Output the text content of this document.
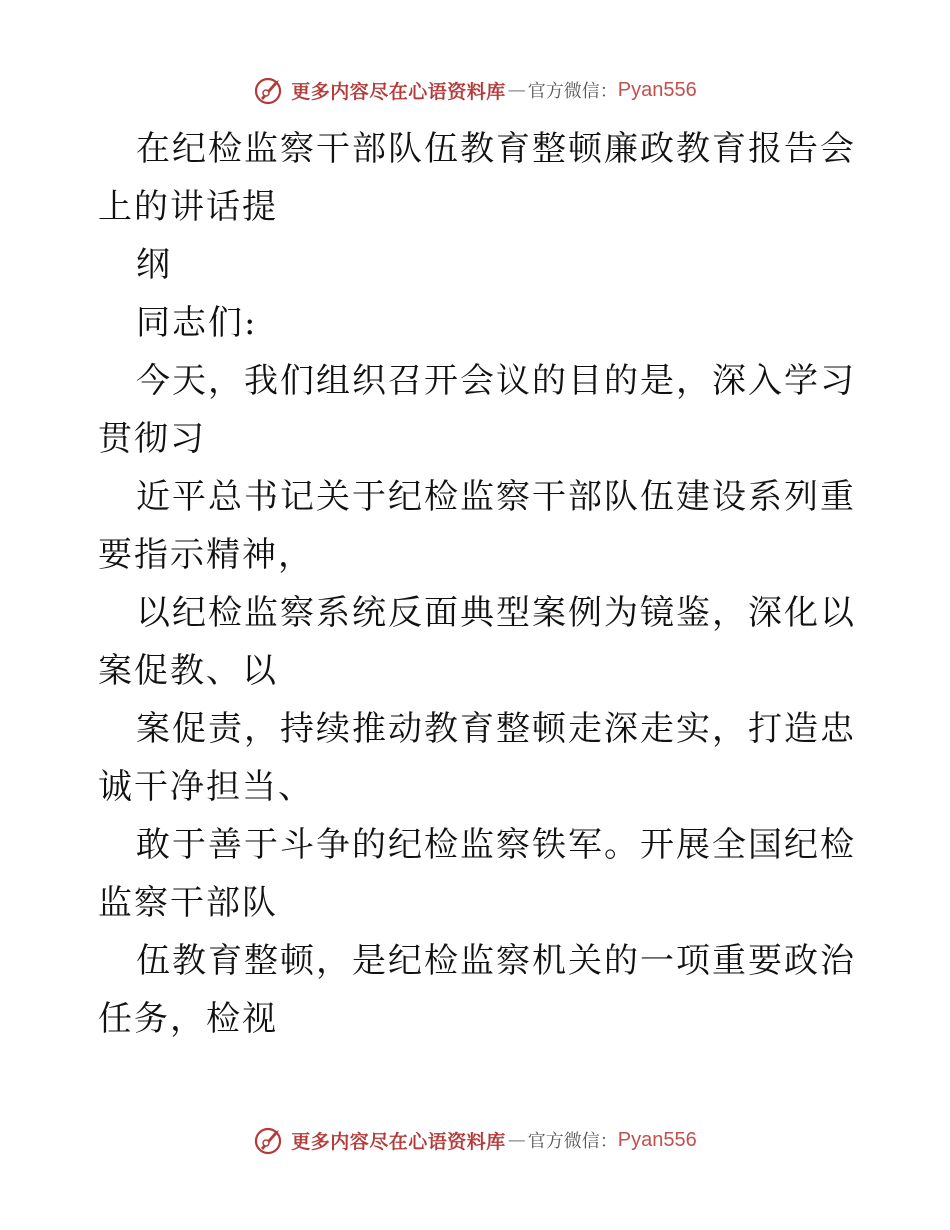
更多内容尽在心语资料库 — 官方微信： Pyan556

在纪检监察干部队伍教育整顿廉政教育报告会上的讲话提

纲

同志们:

今天，我们组织召开会议的目的是，深入学习贯彻习

近平总书记关于纪检监察干部队伍建设系列重要指示精神，

以纪检监察系统反面典型案例为镜鉴，深化以案促教、以

案促责，持续推动教育整顿走深走实，打造忠诚干净担当、

敢于善于斗争的纪检监察铁军。开展全国纪检监察干部队

伍教育整顿，是纪检监察机关的一项重要政治任务，检视

更多内容尽在心语资料库 — 官方微信： Pyan556
